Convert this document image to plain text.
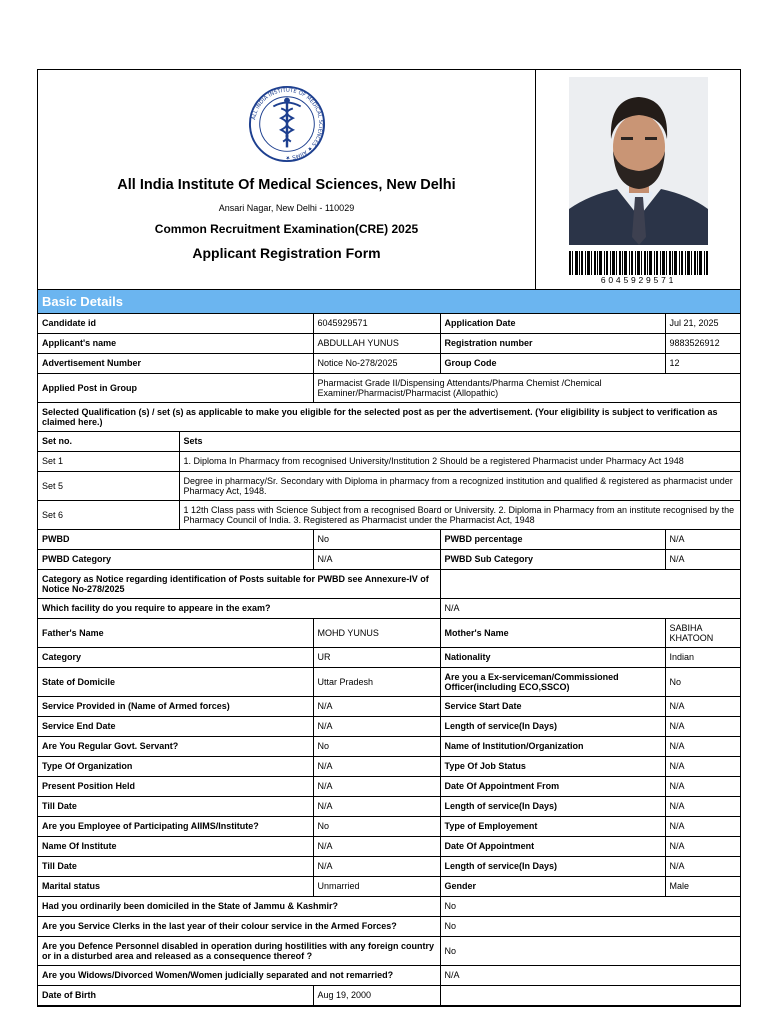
ALL INDIA INSTITUTE OF MEDICAL SCIENCES ★ AIIMS ★
All India Institute Of Medical Sciences, New Delhi
Ansari Nagar, New Delhi - 110029
Common Recruitment Examination(CRE) 2025
Applicant Registration Form
6045929571
Basic Details
Candidate id		6045929571	Application Date	Jul 21, 2025
Applicant's name		ABDULLAH YUNUS	Registration number	9883526912
Advertisement Number		Notice No-278/2025	Group Code	12
Applied Post in Group		Pharmacist Grade II/Dispensing Attendants/Pharma Chemist /Chemical Examiner/Pharmacist/Pharmacist (Allopathic)		
Selected Qualification (s) / set (s) as applicable to make you eligible for the selected post as per the advertisement. (Your eligibility is subject to verification as claimed here.)				
Set no.	Sets			
Set 1	1. Diploma In Pharmacy from recognised University/Institution 2 Should be a registered Pharmacist under Pharmacy Act 1948			
Set 5	Degree in pharmacy/Sr. Secondary with Diploma in pharmacy from a recognized institution and qualified & registered as pharmacist under Pharmacy Act, 1948.			
Set 6	1 12th Class pass with Science Subject from a recognised Board or University. 2. Diploma in Pharmacy from an institute recognised by the Pharmacy Council of India. 3. Registered as Pharmacist under the Pharmacist Act, 1948			
PWBD		No	PWBD percentage	N/A
PWBD Category		N/A	PWBD Sub Category	N/A
Category as Notice regarding identification of Posts suitable for PWBD see Annexure-IV of Notice No-278/2025				
Which facility do you require to appeare in the exam?			N/A	
Father's Name		MOHD YUNUS	Mother's Name	SABIHA KHATOON
Category		UR	Nationality	Indian
State of Domicile		Uttar Pradesh	Are you a Ex-serviceman/Commissioned Officer(including ECO,SSCO)	No
Service Provided in (Name of Armed forces)		N/A	Service Start Date	N/A
Service End Date		N/A	Length of service(In Days)	N/A
Are You Regular Govt. Servant?		No	Name of Institution/Organization	N/A
Type Of Organization		N/A	Type Of Job Status	N/A
Present Position Held		N/A	Date Of Appointment From	N/A
Till Date		N/A	Length of service(In Days)	N/A
Are you Employee of Participating AIIMS/Institute?		No	Type of Employement	N/A
Name Of Institute		N/A	Date Of Appointment	N/A
Till Date		N/A	Length of service(In Days)	N/A
Marital status		Unmarried	Gender	Male
Had you ordinarily been domiciled in the State of Jammu & Kashmir?			No	
Are you Service Clerks in the last year of their colour service in the Armed Forces?			No	
Are you Defence Personnel disabled in operation during hostilities with any foreign country or in a disturbed area and released as a consequence thereof ?			No	
Are you Widows/Divorced Women/Women judicially separated and not remarried?			N/A	
Date of Birth		Aug 19, 2000		
